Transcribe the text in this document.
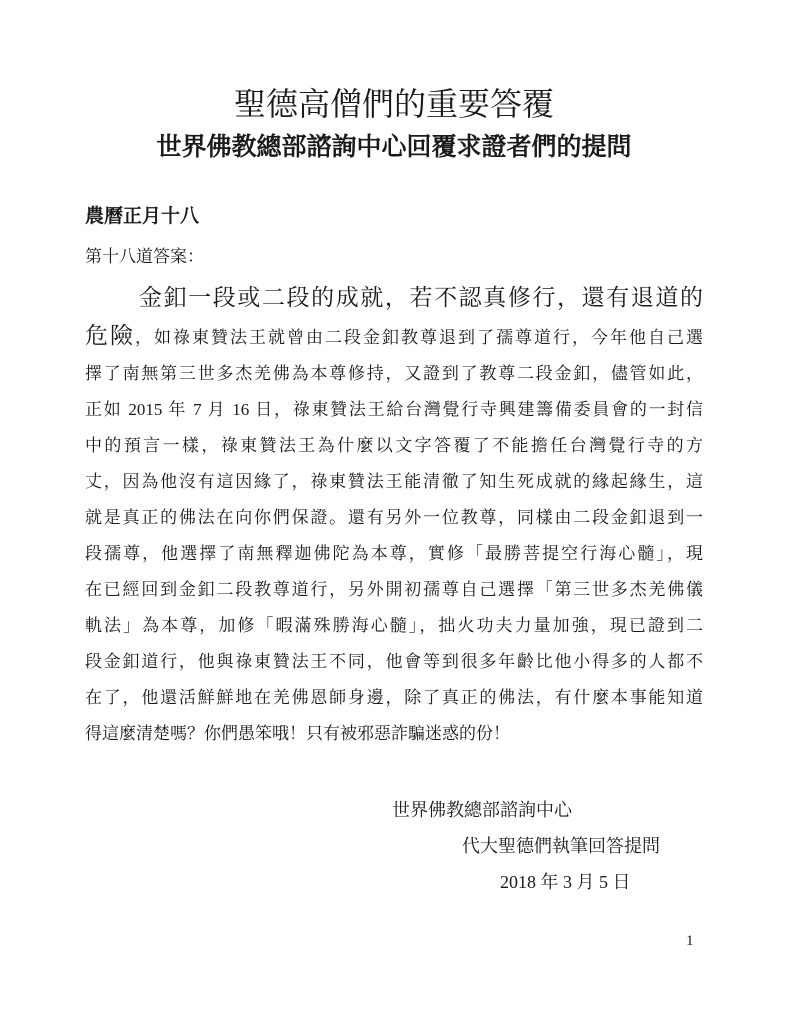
聖德高僧們的重要答覆
世界佛教總部諮詢中心回覆求證者們的提問

農曆正月十八

第十八道答案：

金釦一段或二段的成就，若不認真修行，還有退道的
危險，如祿東贊法王就曾由二段金釦教尊退到了孺尊道行，今年他自己選
擇了南無第三世多杰羌佛為本尊修持，又證到了教尊二段金釦，儘管如此，
正如 2015 年 7 月 16 日，祿東贊法王給台灣覺行寺興建籌備委員會的一封信
中的預言一樣，祿東贊法王為什麼以文字答覆了不能擔任台灣覺行寺的方
丈，因為他沒有這因緣了，祿東贊法王能清徹了知生死成就的緣起緣生，這
就是真正的佛法在向你們保證。還有另外一位教尊，同樣由二段金釦退到一
段孺尊，他選擇了南無釋迦佛陀為本尊，實修「最勝菩提空行海心髓」，現
在已經回到金釦二段教尊道行，另外開初孺尊自己選擇「第三世多杰羌佛儀
軌法」為本尊，加修「暇滿殊勝海心髓」，拙火功夫力量加強，現已證到二
段金釦道行，他與祿東贊法王不同，他會等到很多年齡比他小得多的人都不
在了，他還活鮮鮮地在羌佛恩師身邊，除了真正的佛法，有什麼本事能知道
得這麼清楚嗎？你們愚笨哦！只有被邪惡詐騙迷惑的份！
世界佛教總部諮詢中心
代大聖德們執筆回答提問
2018 年 3 月 5 日
1
